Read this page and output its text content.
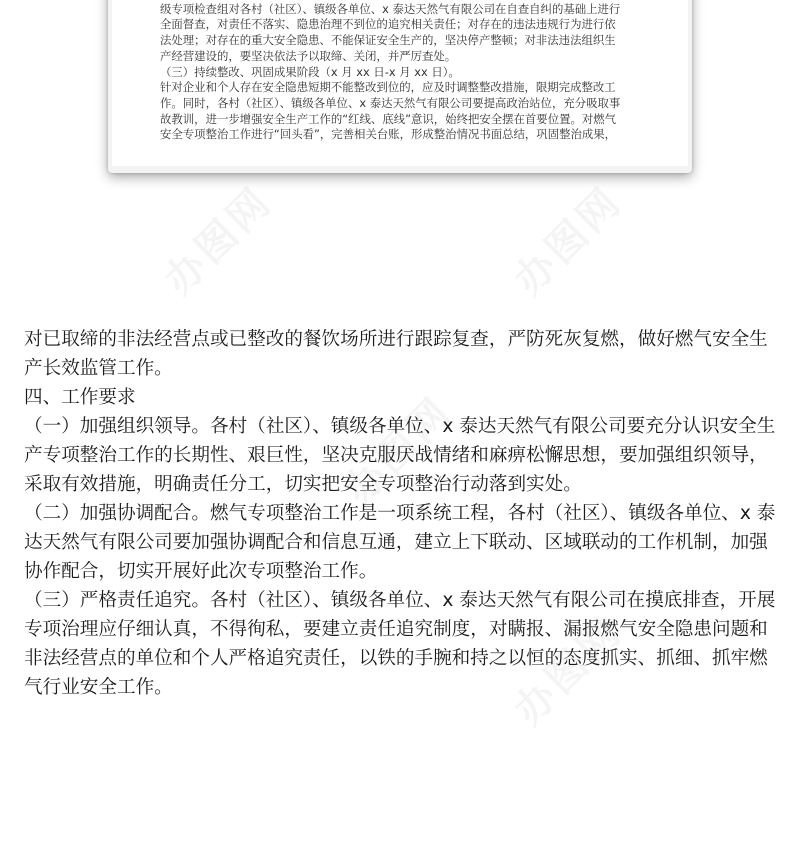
级专项检查组对各村（社区）、镇级各单位、x 泰达天然气有限公司在自查自纠的基础上进行

全面督查，对责任不落实、隐患治理不到位的追究相关责任；对存在的违法违规行为进行依

法处理；对存在的重大安全隐患、不能保证安全生产的，坚决停产整顿；对非法违法组织生

产经营建设的，要坚决依法予以取缔、关闭，并严厉查处。

（三）持续整改、巩固成果阶段（x 月 xx 日-x 月 xx 日）。

针对企业和个人存在安全隐患短期不能整改到位的，应及时调整整改措施，限期完成整改工

作。同时，各村（社区）、镇级各单位、x 泰达天然气有限公司要提高政治站位，充分吸取事

故教训，进一步增强安全生产工作的“红线、底线”意识，始终把安全摆在首要位置。对燃气

安全专项整治工作进行“回头看”，完善相关台账，形成整治情况书面总结，巩固整治成果，

办图网	办图网
办图网
办图网

对已取缔的非法经营点或已整改的餐饮场所进行跟踪复查，严防死灰复燃，做好燃气安全生

产长效监管工作。

四、工作要求

（一）加强组织领导。各村（社区）、镇级各单位、x 泰达天然气有限公司要充分认识安全生

产专项整治工作的长期性、艰巨性，坚决克服厌战情绪和麻痹松懈思想，要加强组织领导，

采取有效措施，明确责任分工，切实把安全专项整治行动落到实处。

（二）加强协调配合。燃气专项整治工作是一项系统工程，各村（社区）、镇级各单位、x 泰

达天然气有限公司要加强协调配合和信息互通，建立上下联动、区域联动的工作机制，加强

协作配合，切实开展好此次专项整治工作。

（三）严格责任追究。各村（社区）、镇级各单位、x 泰达天然气有限公司在摸底排查，开展

专项治理应仔细认真，不得徇私，要建立责任追究制度，对瞒报、漏报燃气安全隐患问题和

非法经营点的单位和个人严格追究责任，以铁的手腕和持之以恒的态度抓实、抓细、抓牢燃

气行业安全工作。
